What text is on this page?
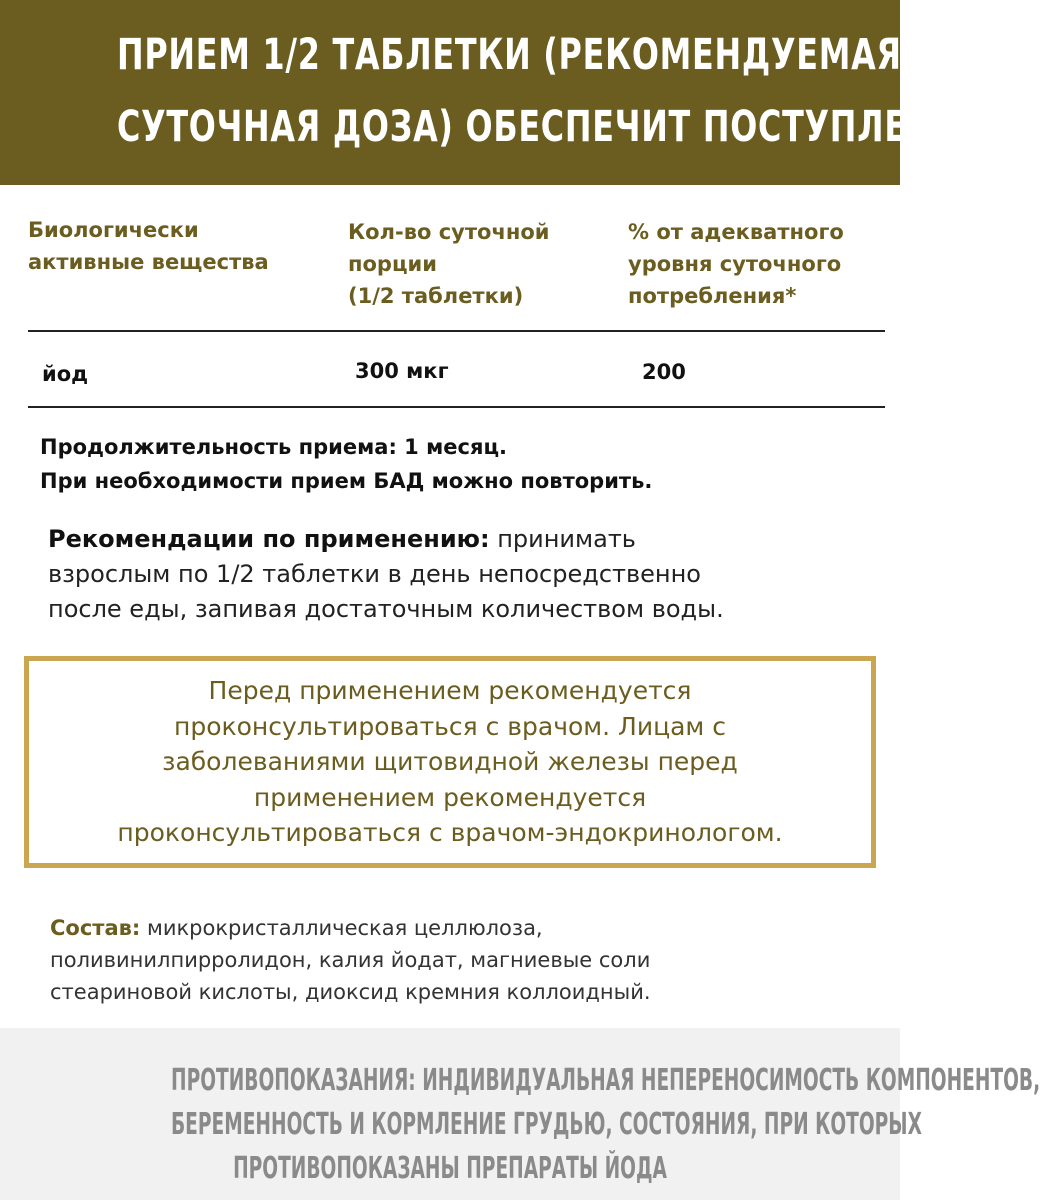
ПРИЕМ 1/2 ТАБЛЕТКИ (РЕКОМЕНДУЕМАЯ
СУТОЧНАЯ ДОЗА) ОБЕСПЕЧИТ ПОСТУПЛЕНИЕ:
Биологически
активные вещества
Кол-во суточной
порции
(1/2 таблетки)
% от адекватного
уровня суточного
потребления*
йод	300 мкг	200
Продолжительность приема: 1 месяц.
При необходимости прием БАД можно повторить.
Рекомендации по применению: принимать
взрослым по 1/2 таблетки в день непосредственно
после еды, запивая достаточным количеством воды.
Перед применением рекомендуется
проконсультироваться с врачом. Лицам с
заболеваниями щитовидной железы перед
применением рекомендуется
проконсультироваться с врачом-эндокринологом.
Состав: микрокристаллическая целлюлоза,
поливинилпирролидон, калия йодат, магниевые соли
стеариновой кислоты, диоксид кремния коллоидный.
ПРОТИВОПОКАЗАНИЯ: ИНДИВИДУАЛЬНАЯ НЕПЕРЕНОСИМОСТЬ КОМПОНЕНТОВ,
БЕРЕМЕННОСТЬ И КОРМЛЕНИЕ ГРУДЬЮ, СОСТОЯНИЯ, ПРИ КОТОРЫХ
ПРОТИВОПОКАЗАНЫ ПРЕПАРАТЫ ЙОДА
